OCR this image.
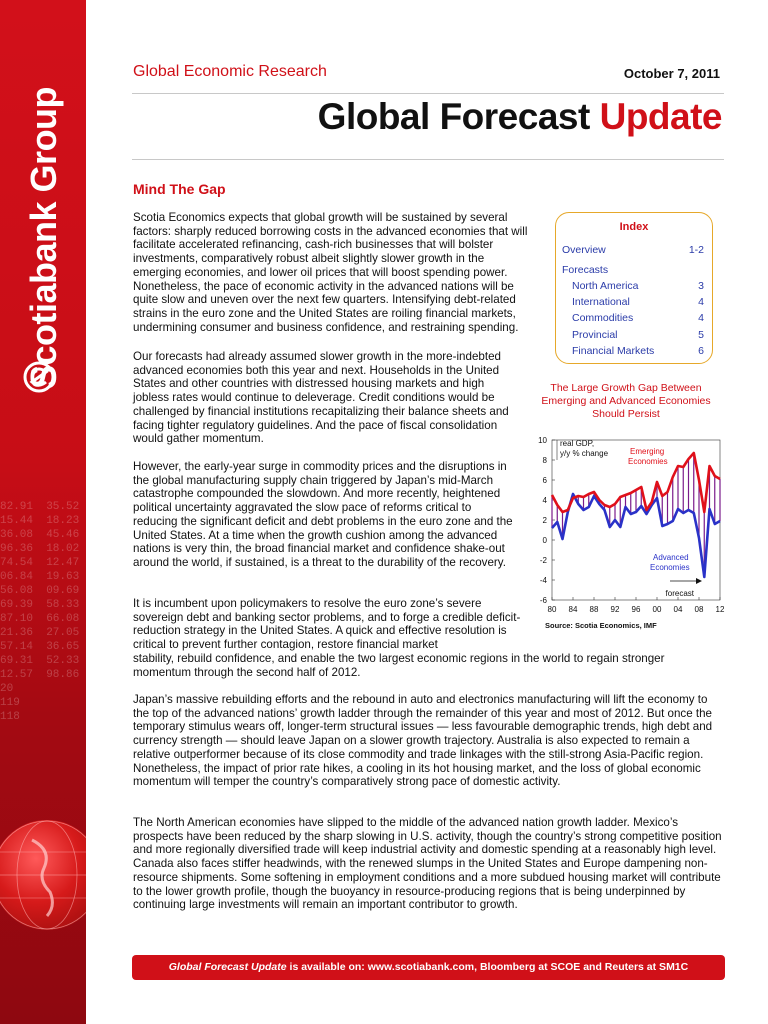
82.91  35.52
15.44  18.23
36.08  45.46
96.36  18.02
74.54  12.47
06.84  19.63
56.08  09.69
69.39  58.33
87.10  66.08
21.36  27.05
57.14  36.65
69.31  52.33
12.57  98.86
20
119
118
Scotiabank Group
Global Economic Research	October 7, 2011
Global Forecast Update
Mind The Gap

Scotia Economics expects that global growth will be sustained by several factors: sharply reduced borrowing costs in the advanced economies that will facilitate accelerated refinancing, cash-rich businesses that will bolster investments, comparatively robust albeit slightly slower growth in the emerging economies, and lower oil prices that will boost spending power. Nonetheless, the pace of economic activity in the advanced nations will be quite slow and uneven over the next few quarters. Intensifying debt-related strains in the euro zone and the United States are roiling financial markets, undermining consumer and business confidence, and restraining spending.

Our forecasts had already assumed slower growth in the more-indebted advanced economies both this year and next. Households in the United States and other countries with distressed housing markets and high jobless rates would continue to deleverage. Credit conditions would be challenged by financial institutions recapitalizing their balance sheets and facing tighter regulatory guidelines. And the pace of fiscal consolidation would gather momentum.

However, the early-year surge in commodity prices and the disruptions in the global manufacturing supply chain triggered by Japan’s mid-March catastrophe compounded the slowdown. And more recently, heightened political uncertainty aggravated the slow pace of reforms critical to reducing the significant deficit and debt problems in the euro zone and the United States. At a time when the growth cushion among the advanced nations is very thin, the broad financial market and confidence shake-out around the world, if sustained, is a threat to the durability of the recovery.

It is incumbent upon policymakers to resolve the euro zone’s severe sovereign debt and banking sector problems, and to forge a credible deficit-reduction strategy in the United States. A quick and effective resolution is critical to prevent further contagion, restore financial market

stability, rebuild confidence, and enable the two largest economic regions in the world to regain stronger momentum through the second half of 2012.

Japan’s massive rebuilding efforts and the rebound in auto and electronics manufacturing will lift the economy to the top of the advanced nations’ growth ladder through the remainder of this year and most of 2012. But once the temporary stimulus wears off, longer-term structural issues — less favourable demographic trends, high debt and currency strength — should leave Japan on a slower growth trajectory. Australia is also expected to remain a relative outperformer because of its close commodity and trade linkages with the still-strong Asia-Pacific region. Nonetheless, the impact of prior rate hikes, a cooling in its hot housing market, and the loss of global economic momentum will temper the country’s comparatively strong pace of domestic activity.

The North American economies have slipped to the middle of the advanced nation growth ladder. Mexico’s prospects have been reduced by the sharp slowing in U.S. activity, though the country’s strong competitive position and more regionally diversified trade will keep industrial activity and domestic spending at a reasonably high level. Canada also faces stiffer headwinds, with the renewed slumps in the United States and Europe dampening non-resource shipments. Some softening in employment conditions and a more subdued housing market will contribute to the lower growth profile, though the buoyancy in resource-producing regions that is being underpinned by continuing large investments will remain an important contributor to growth.

Index
Overview	1-2
Forecasts
North America	3
International	4
Commodities	4
Provincial	5
Financial Markets	6
The Large Growth Gap Between Emerging and Advanced Economies Should Persist
10
8
6
4
2
0
-2
-4
-6
80 84 88 92 96 00 04 08 12
real GDP,
y/y % change	Emerging
Economies
Advanced
Economies
forecast
Source: Scotia Economics, IMF
Global Forecast Update is available on: www.scotiabank.com, Bloomberg at SCOE and Reuters at SM1C
